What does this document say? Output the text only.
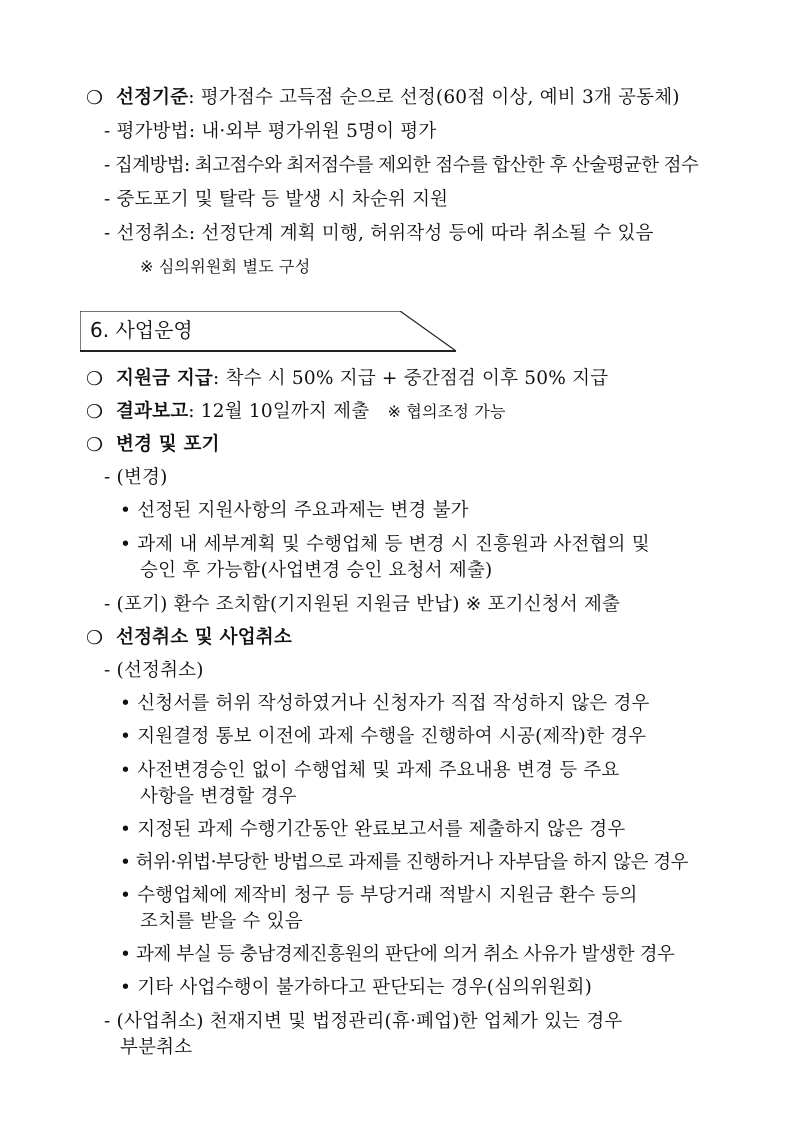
❍ 선정기준: 평가점수 고득점 순으로 선정(60점 이상, 예비 3개 공동체)
- 평가방법: 내·외부 평가위원 5명이 평가
- 집계방법: 최고점수와 최저점수를 제외한 점수를 합산한 후 산술평균한 점수
- 중도포기 및 탈락 등 발생 시 차순위 지원
- 선정취소: 선정단계 계획 미행, 허위작성 등에 따라 취소될 수 있음
※ 심의위원회 별도 구성
6. 사업운영
❍ 지원금 지급: 착수 시 50% 지급 + 중간점검 이후 50% 지급
❍ 결과보고: 12월 10일까지 제출 ※ 협의조정 가능
❍ 변경 및 포기
- (변경)
• 선정된 지원사항의 주요과제는 변경 불가
• 과제 내 세부계획 및 수행업체 등 변경 시 진흥원과 사전협의 및
승인 후 가능함(사업변경 승인 요청서 제출)
- (포기) 환수 조치함(기지원된 지원금 반납) ※ 포기신청서 제출
❍ 선정취소 및 사업취소
- (선정취소)
• 신청서를 허위 작성하였거나 신청자가 직접 작성하지 않은 경우
• 지원결정 통보 이전에 과제 수행을 진행하여 시공(제작)한 경우
• 사전변경승인 없이 수행업체 및 과제 주요내용 변경 등 주요
사항을 변경할 경우
• 지정된 과제 수행기간동안 완료보고서를 제출하지 않은 경우
• 허위·위법·부당한 방법으로 과제를 진행하거나 자부담을 하지 않은 경우
• 수행업체에 제작비 청구 등 부당거래 적발시 지원금 환수 등의
조치를 받을 수 있음
• 과제 부실 등 충남경제진흥원의 판단에 의거 취소 사유가 발생한 경우
• 기타 사업수행이 불가하다고 판단되는 경우(심의위원회)
- (사업취소) 천재지변 및 법정관리(휴·폐업)한 업체가 있는 경우
부분취소
